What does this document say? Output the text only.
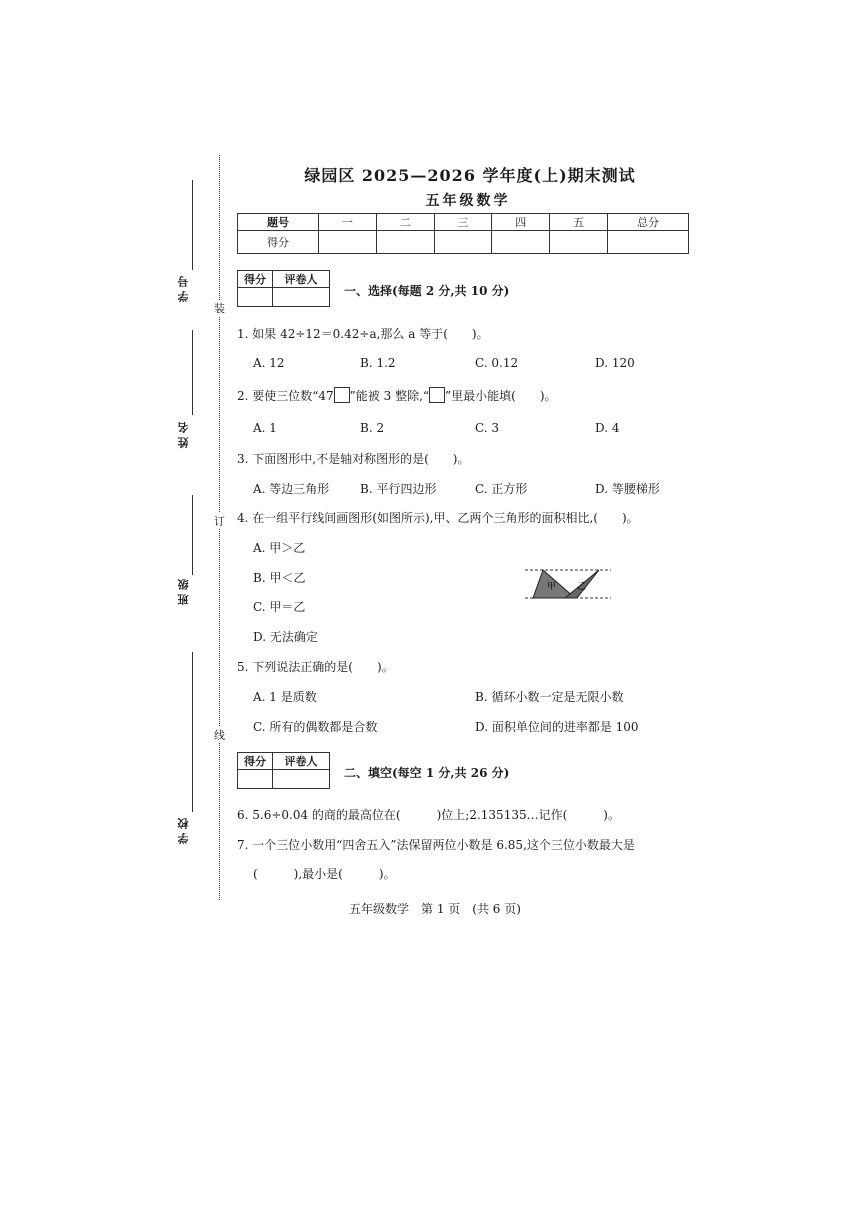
学号
姓名
班级
学校
装
订
线
绿园区 2025—2026 学年度(上)期末测试
五年级数学
题号	一	二	三	四	五	总分
得分						
得分	评卷人

一、选择(每题 2 分,共 10 分)
1. 如果 42÷12＝0.42÷a,那么 a 等于(　　)。
A. 12	B. 1.2	C. 0.12	D. 120
2. 要使三位数“47 ”能被 3 整除,“ ”里最小能填(　　)。
A. 1	B. 2	C. 3	D. 4
3. 下面图形中,不是轴对称图形的是(　　)。
A. 等边三角形	B. 平行四边形	C. 正方形	D. 等腰梯形
4. 在一组平行线间画图形(如图所示),甲、乙两个三角形的面积相比,(　　)。
A. 甲＞乙
B. 甲＜乙
C. 甲＝乙
D. 无法确定
甲 乙
5. 下列说法正确的是(　　)。
A. 1 是质数	B. 循环小数一定是无限小数
C. 所有的偶数都是合数	D. 面积单位间的进率都是 100
得分	评卷人

二、填空(每空 1 分,共 26 分)
6. 5.6÷0.04 的商的最高位在(　　　)位上;2.135135…记作(　　　)。
7. 一个三位小数用“四舍五入”法保留两位小数是 6.85,这个三位小数最大是
(　　　),最小是(　　　)。
五年级数学　第 1 页　(共 6 页)
